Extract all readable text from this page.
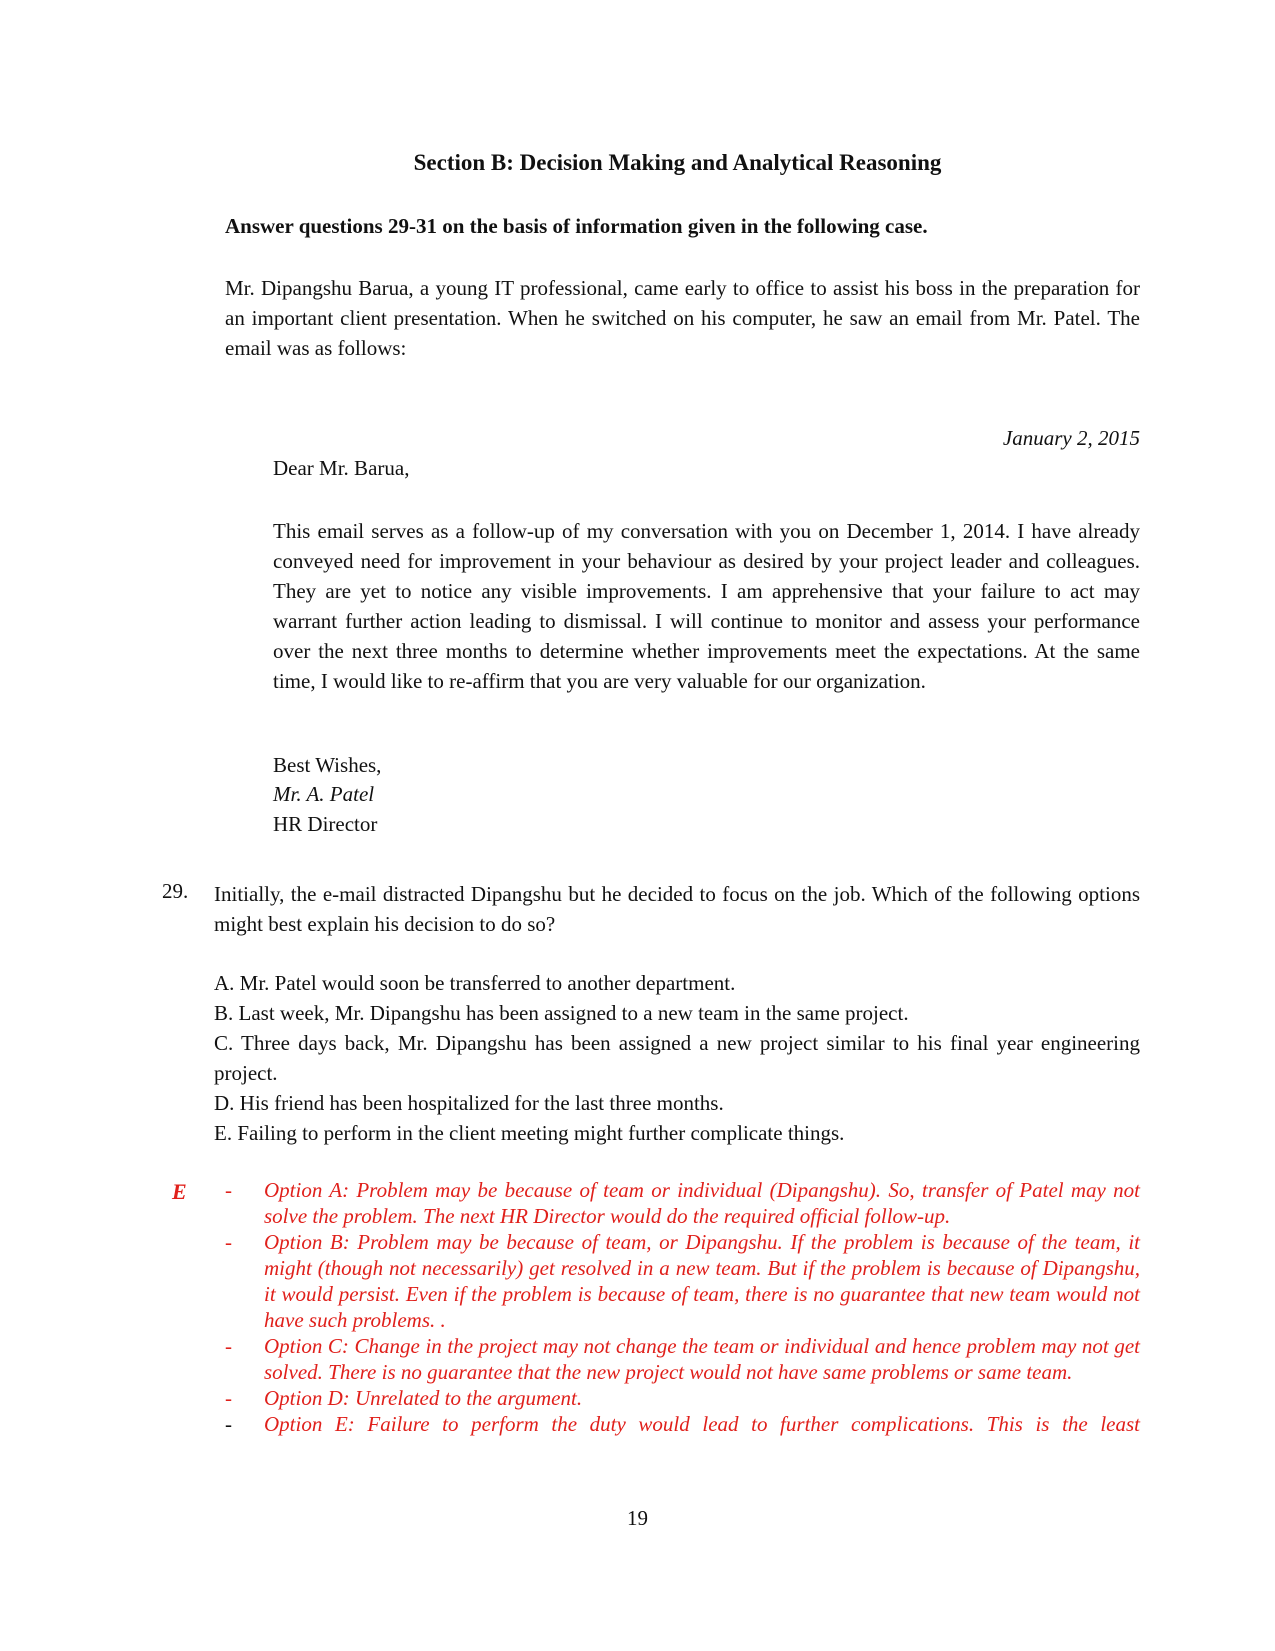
Section B: Decision Making and Analytical Reasoning
Answer questions 29-31 on the basis of information given in the following case.
Mr. Dipangshu Barua, a young IT professional, came early to office to assist his boss in the preparation for an important client presentation. When he switched on his computer, he saw an email from Mr. Patel. The email was as follows:
January 2, 2015
Dear Mr. Barua,
This email serves as a follow-up of my conversation with you on December 1, 2014. I have already conveyed need for improvement in your behaviour as desired by your project leader and colleagues. They are yet to notice any visible improvements. I am apprehensive that your failure to act may warrant further action leading to dismissal. I will continue to monitor and assess your performance over the next three months to determine whether improvements meet the expectations. At the same time, I would like to re-affirm that you are very valuable for our organization.
Best Wishes,
Mr. A. Patel
HR Director
29. Initially, the e-mail distracted Dipangshu but he decided to focus on the job. Which of the following options might best explain his decision to do so?
A. Mr. Patel would soon be transferred to another department.
B. Last week, Mr. Dipangshu has been assigned to a new team in the same project.
C. Three days back, Mr. Dipangshu has been assigned a new project similar to his final year engineering project.
D. His friend has been hospitalized for the last three months.
E. Failing to perform in the client meeting might further complicate things.
E - Option A: Problem may be because of team or individual (Dipangshu). So, transfer of Patel may not solve the problem. The next HR Director would do the required official follow-up.
- Option B: Problem may be because of team, or Dipangshu. If the problem is because of the team, it might (though not necessarily) get resolved in a new team. But if the problem is because of Dipangshu, it would persist. Even if the problem is because of team, there is no guarantee that new team would not have such problems. .
- Option C: Change in the project may not change the team or individual and hence problem may not get solved. There is no guarantee that the new project would not have same problems or same team.
- Option D: Unrelated to the argument.
- Option E: Failure to perform the duty would lead to further complications. This is the least
19
